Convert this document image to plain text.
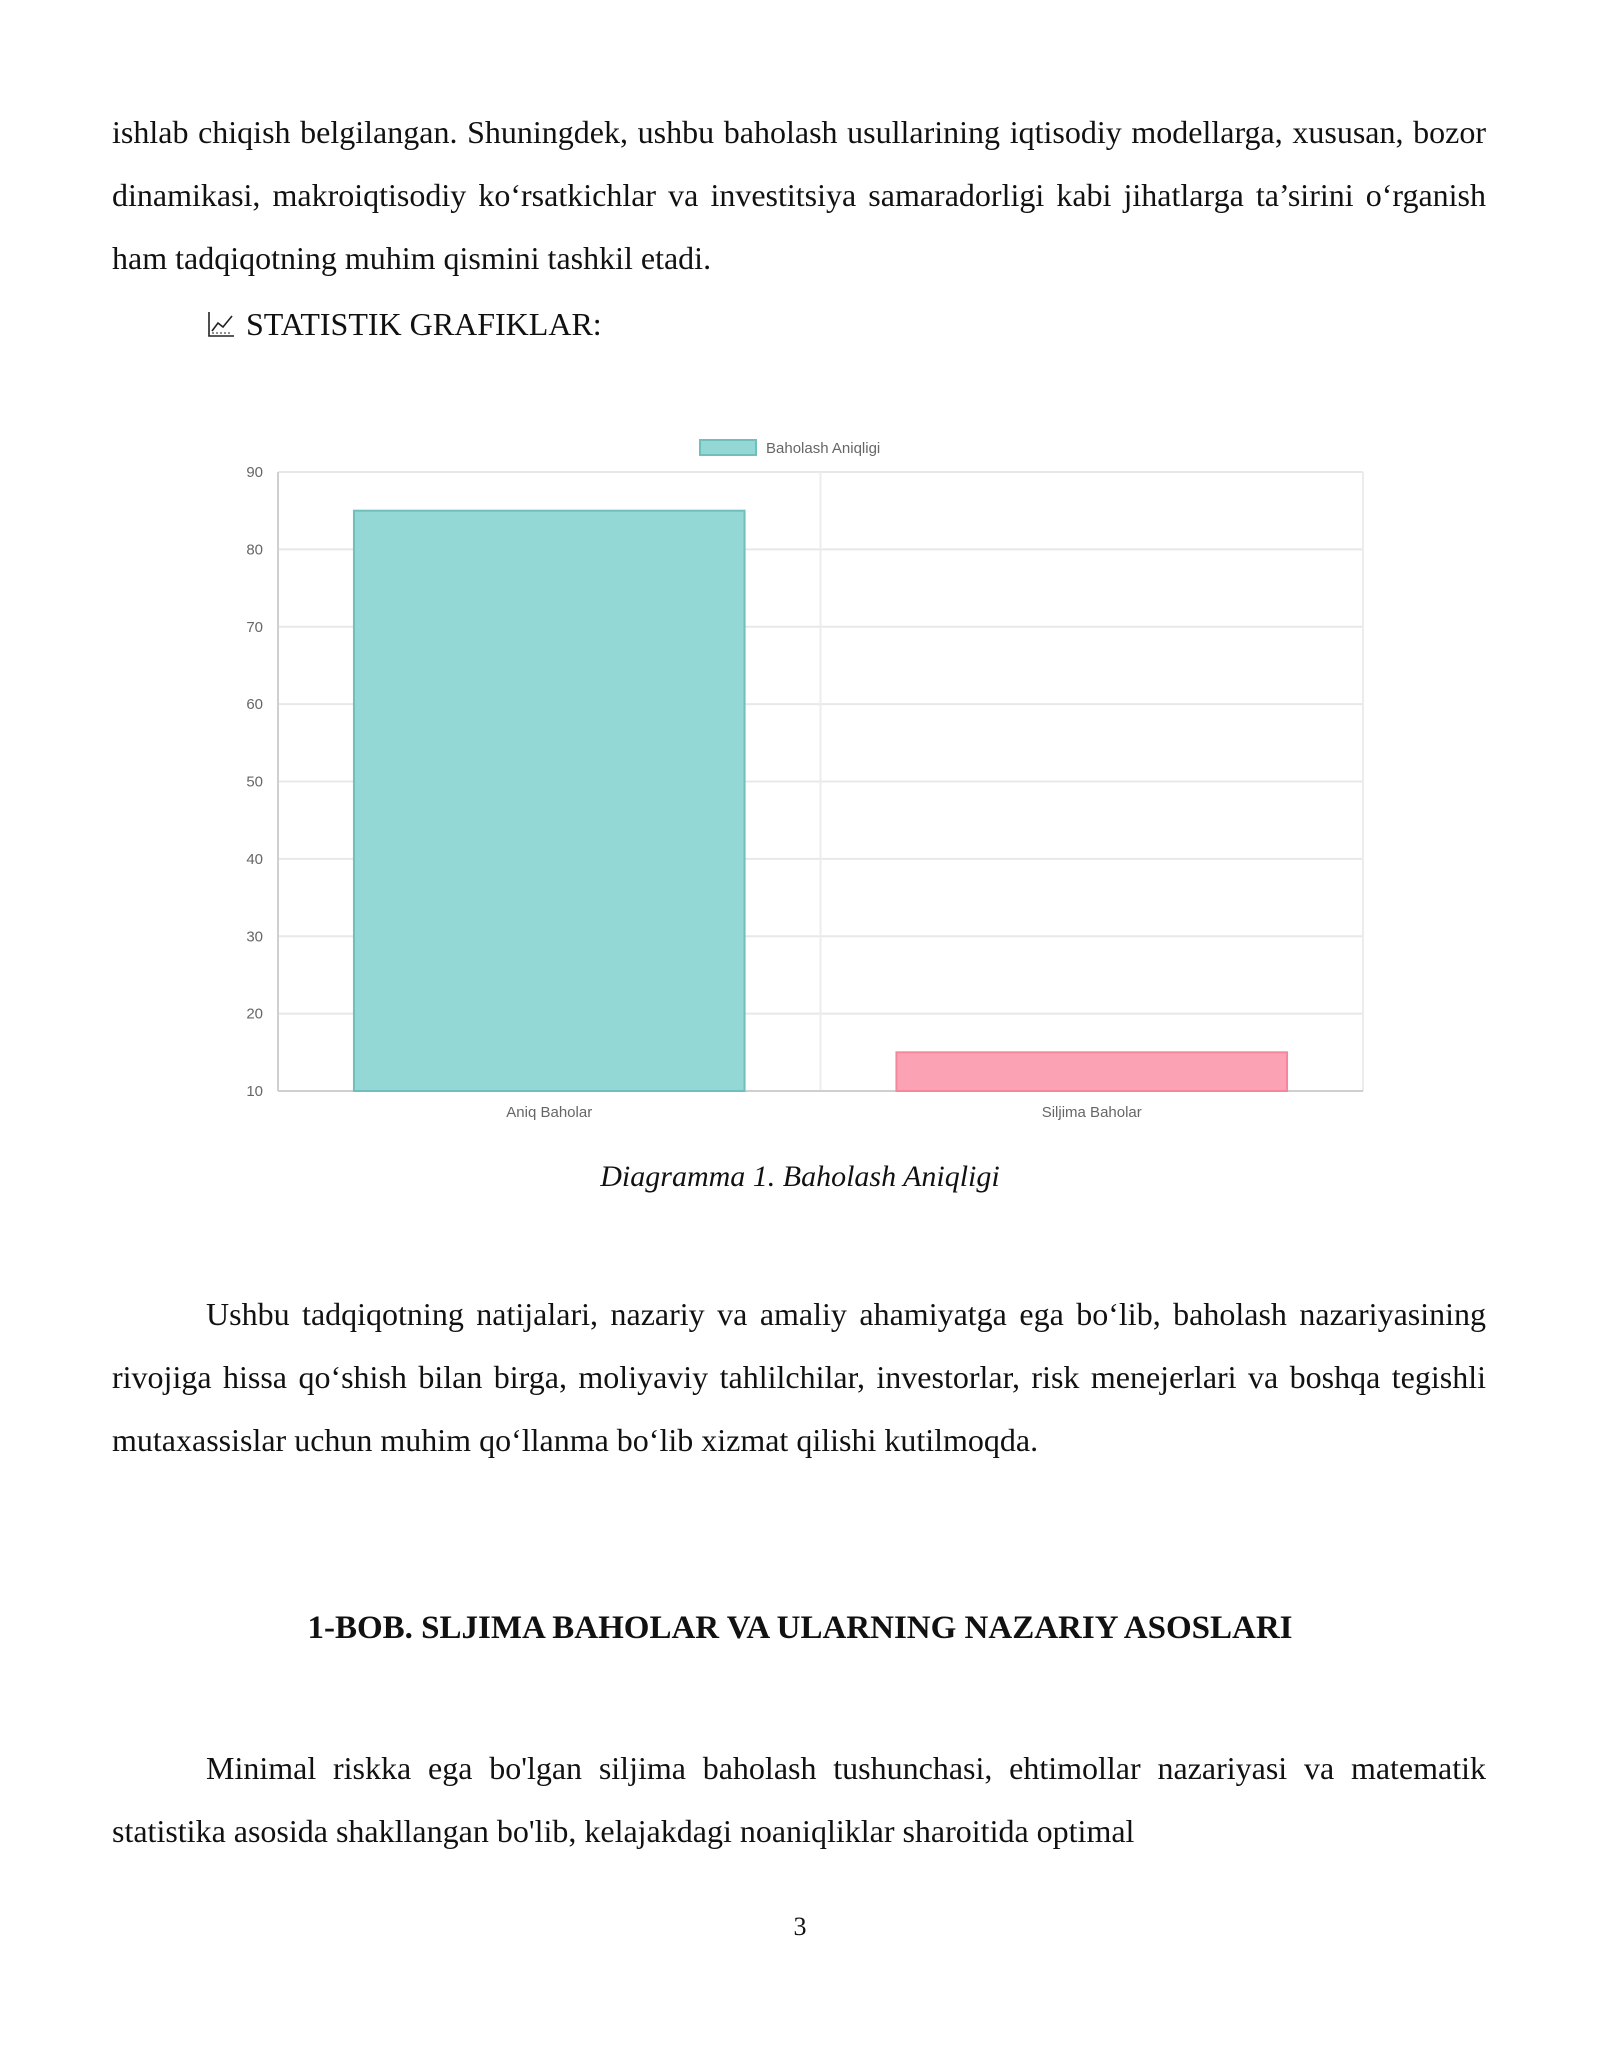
ishlab chiqish belgilangan. Shuningdek, ushbu baholash usullarining iqtisodiy modellarga, xususan, bozor dinamikasi, makroiqtisodiy ko‘rsatkichlar va investitsiya samaradorligi kabi jihatlarga ta’sirini o‘rganish ham tadqiqotning muhim qismini tashkil etadi.

STATISTIK GRAFIKLAR:
10
20
30
40
50
60
70
80
90
Aniq Baholar	Siljima Baholar
Baholash Aniqligi
Diagramma 1. Baholash Aniqligi

Ushbu tadqiqotning natijalari, nazariy va amaliy ahamiyatga ega bo‘lib, baholash nazariyasining rivojiga hissa qo‘shish bilan birga, moliyaviy tahlilchilar, investorlar, risk menejerlari va boshqa tegishli mutaxassislar uchun muhim qo‘llanma bo‘lib xizmat qilishi kutilmoqda.

1-BOB. SLJIMA BAHOLAR VA ULARNING NAZARIY ASOSLARI

Minimal riskka ega bo'lgan siljima baholash tushunchasi, ehtimollar nazariyasi va matematik statistika asosida shakllangan bo'lib, kelajakdagi noaniqliklar sharoitida optimal

3
